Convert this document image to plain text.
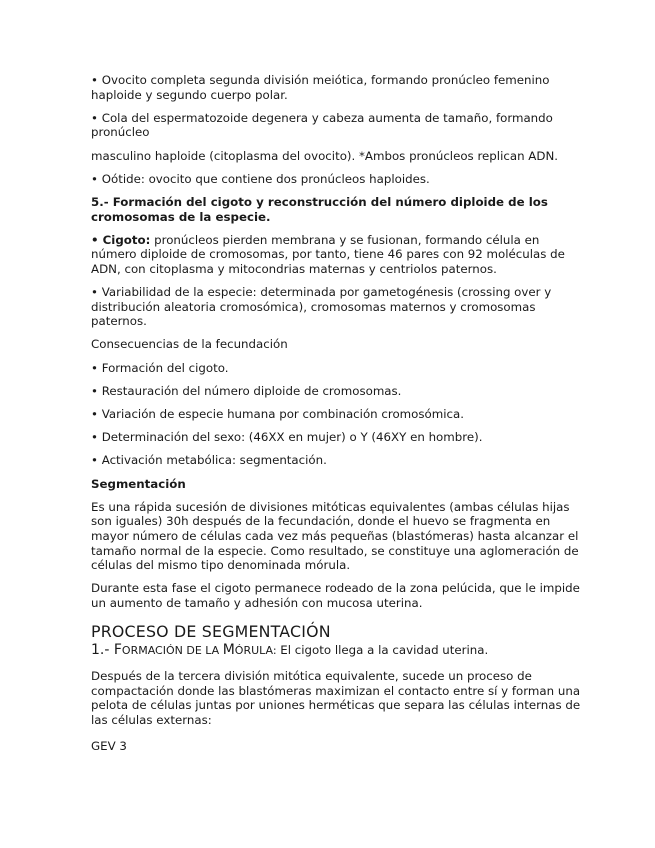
• Ovocito completa segunda división meiótica, formando pronúcleo femenino haploide y segundo cuerpo polar.

• Cola del espermatozoide degenera y cabeza aumenta de tamaño, formando pronúcleo

masculino haploide (citoplasma del ovocito). *Ambos pronúcleos replican ADN.

• Oótide: ovocito que contiene dos pronúcleos haploides.

5.- Formación del cigoto y reconstrucción del número diploide de los cromosomas de la especie.

• Cigoto: pronúcleos pierden membrana y se fusionan, formando célula en número diploide de cromosomas, por tanto, tiene 46 pares con 92 moléculas de ADN, con citoplasma y mitocondrias maternas y centriolos paternos.

• Variabilidad de la especie: determinada por gametogénesis (crossing over y distribución aleatoria cromosómica), cromosomas maternos y cromosomas paternos.

Consecuencias de la fecundación

• Formación del cigoto.

• Restauración del número diploide de cromosomas.

• Variación de especie humana por combinación cromosómica.

• Determinación del sexo: (46XX en mujer) o Y (46XY en hombre).

• Activación metabólica: segmentación.

Segmentación

Es una rápida sucesión de divisiones mitóticas equivalentes (ambas células hijas son iguales) 30h después de la fecundación, donde el huevo se fragmenta en mayor número de células cada vez más pequeñas (blastómeras) hasta alcanzar el tamaño normal de la especie. Como resultado, se constituye una aglomeración de células del mismo tipo denominada mórula.

Durante esta fase el cigoto permanece rodeado de la zona pelúcida, que le impide un aumento de tamaño y adhesión con mucosa uterina.

PROCESO DE SEGMENTACIÓN
1.- FORMACIÓN DE LA MÓRULA: El cigoto llega a la cavidad uterina.

Después de la tercera división mitótica equivalente, sucede un proceso de compactación donde las blastómeras maximizan el contacto entre sí y forman una pelota de células juntas por uniones herméticas que separa las células internas de las células externas:

GEV 3
